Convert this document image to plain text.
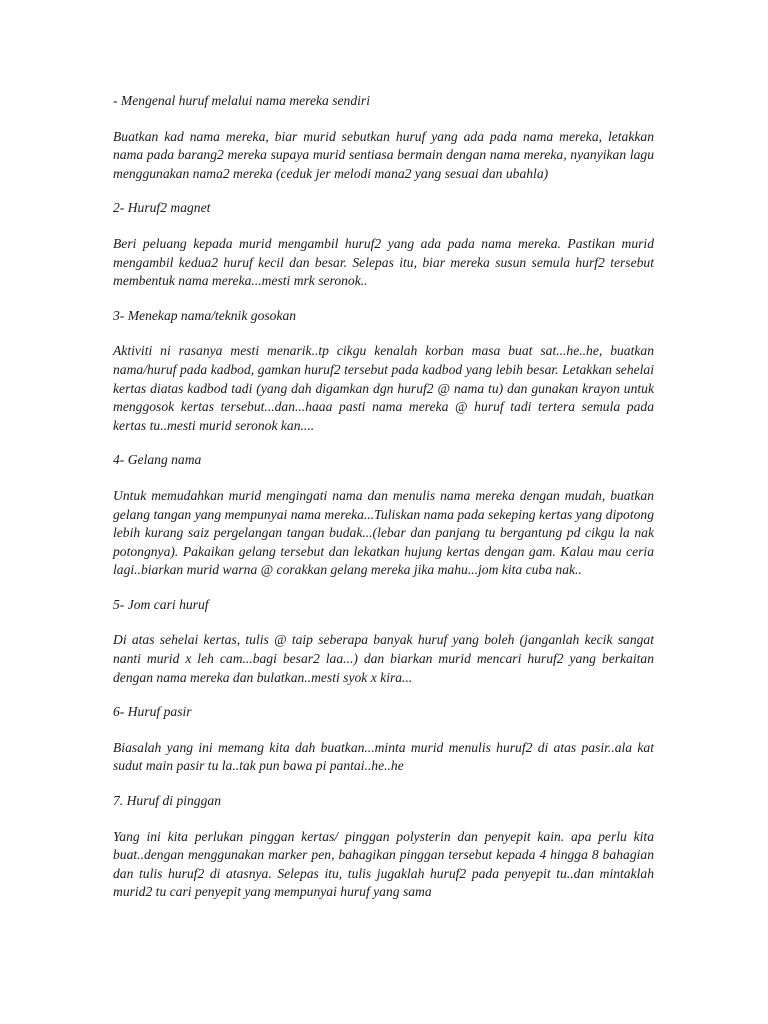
- Mengenal huruf melalui nama mereka sendiri

Buatkan kad nama mereka, biar murid sebutkan huruf yang ada pada nama mereka, letakkan nama pada barang2 mereka supaya murid sentiasa bermain dengan nama mereka, nyanyikan lagu menggunakan nama2 mereka (ceduk jer melodi mana2 yang sesuai dan ubahla)

2- Huruf2 magnet

Beri peluang kepada murid mengambil huruf2 yang ada pada nama mereka. Pastikan murid mengambil kedua2 huruf kecil dan besar. Selepas itu, biar mereka susun semula hurf2 tersebut membentuk nama mereka...mesti mrk seronok..

3- Menekap nama/teknik gosokan

Aktiviti ni rasanya mesti menarik..tp cikgu kenalah korban masa buat sat...he..he, buatkan nama/huruf pada kadbod, gamkan huruf2 tersebut pada kadbod yang lebih besar. Letakkan sehelai kertas diatas kadbod tadi (yang dah digamkan dgn huruf2 @ nama tu) dan gunakan krayon untuk menggosok kertas tersebut...dan...haaa pasti nama mereka @ huruf tadi tertera semula pada kertas tu..mesti murid seronok kan....

4- Gelang nama

Untuk memudahkan murid mengingati nama dan menulis nama mereka dengan mudah, buatkan gelang tangan yang mempunyai nama mereka...Tuliskan nama pada sekeping kertas yang dipotong lebih kurang saiz pergelangan tangan budak...(lebar dan panjang tu bergantung pd cikgu la nak potongnya). Pakaikan gelang tersebut dan lekatkan hujung kertas dengan gam. Kalau mau ceria lagi..biarkan murid warna @ corakkan gelang mereka jika mahu...jom kita cuba nak..

5- Jom cari huruf

Di atas sehelai kertas, tulis @ taip seberapa banyak huruf yang boleh (janganlah kecik sangat nanti murid x leh cam...bagi besar2 laa...) dan biarkan murid mencari huruf2 yang berkaitan dengan nama mereka dan bulatkan..mesti syok x kira...

6- Huruf pasir

Biasalah yang ini memang kita dah buatkan...minta murid menulis huruf2 di atas pasir..ala kat sudut main pasir tu la..tak pun bawa pi pantai..he..he

7. Huruf di pinggan

Yang ini kita perlukan pinggan kertas/ pinggan polysterin dan penyepit kain. apa perlu kita buat..dengan menggunakan marker pen, bahagikan pinggan tersebut kepada 4 hingga 8 bahagian dan tulis huruf2 di atasnya. Selepas itu, tulis jugaklah huruf2 pada penyepit tu..dan mintaklah murid2 tu cari penyepit yang mempunyai huruf yang sama
